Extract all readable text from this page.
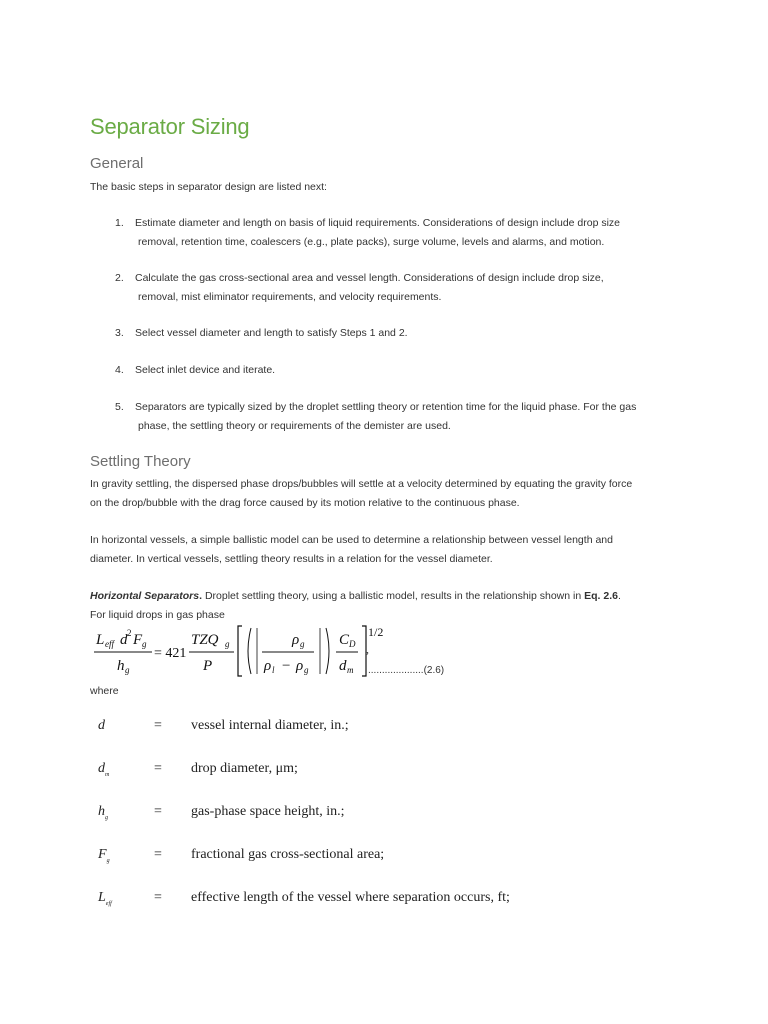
Separator Sizing
General

The basic steps in separator design are listed next:

1. Estimate diameter and length on basis of liquid requirements. Considerations of design include drop size
removal, retention time, coalescers (e.g., plate packs), surge volume, levels and alarms, and motion.
2. Calculate the gas cross-sectional area and vessel length. Considerations of design include drop size,
removal, mist eliminator requirements, and velocity requirements.
3. Select vessel diameter and length to satisfy Steps 1 and 2.
4. Select inlet device and iterate.
5. Separators are typically sized by the droplet settling theory or retention time for the liquid phase. For the gas
phase, the settling theory or requirements of the demister are used.
Settling Theory

In gravity settling, the dispersed phase drops/bubbles will settle at a velocity determined by equating the gravity force
on the drop/bubble with the drag force caused by its motion relative to the continuous phase.

In horizontal vessels, a simple ballistic model can be used to determine a relationship between vessel length and
diameter. In vertical vessels, settling theory results in a relation for the vessel diameter.

Horizontal Separators. Droplet settling theory, using a ballistic model, results in the relationship shown in Eq. 2.6.
For liquid drops in gas phase

L eff d 2 F g
h g
= 421
TZQ g
P
ρ g
ρ l − ρ g
C D
d m
1/2
,
....................(2.6)

where

d	= vessel internal diameter, in.;
$d_m$	= drop diameter, μm;
$h_g$	= gas-phase space height, in.;
$F_g$	= fractional gas cross-sectional area;
$L_{eff}$	= effective length of the vessel where separation occurs, ft;
